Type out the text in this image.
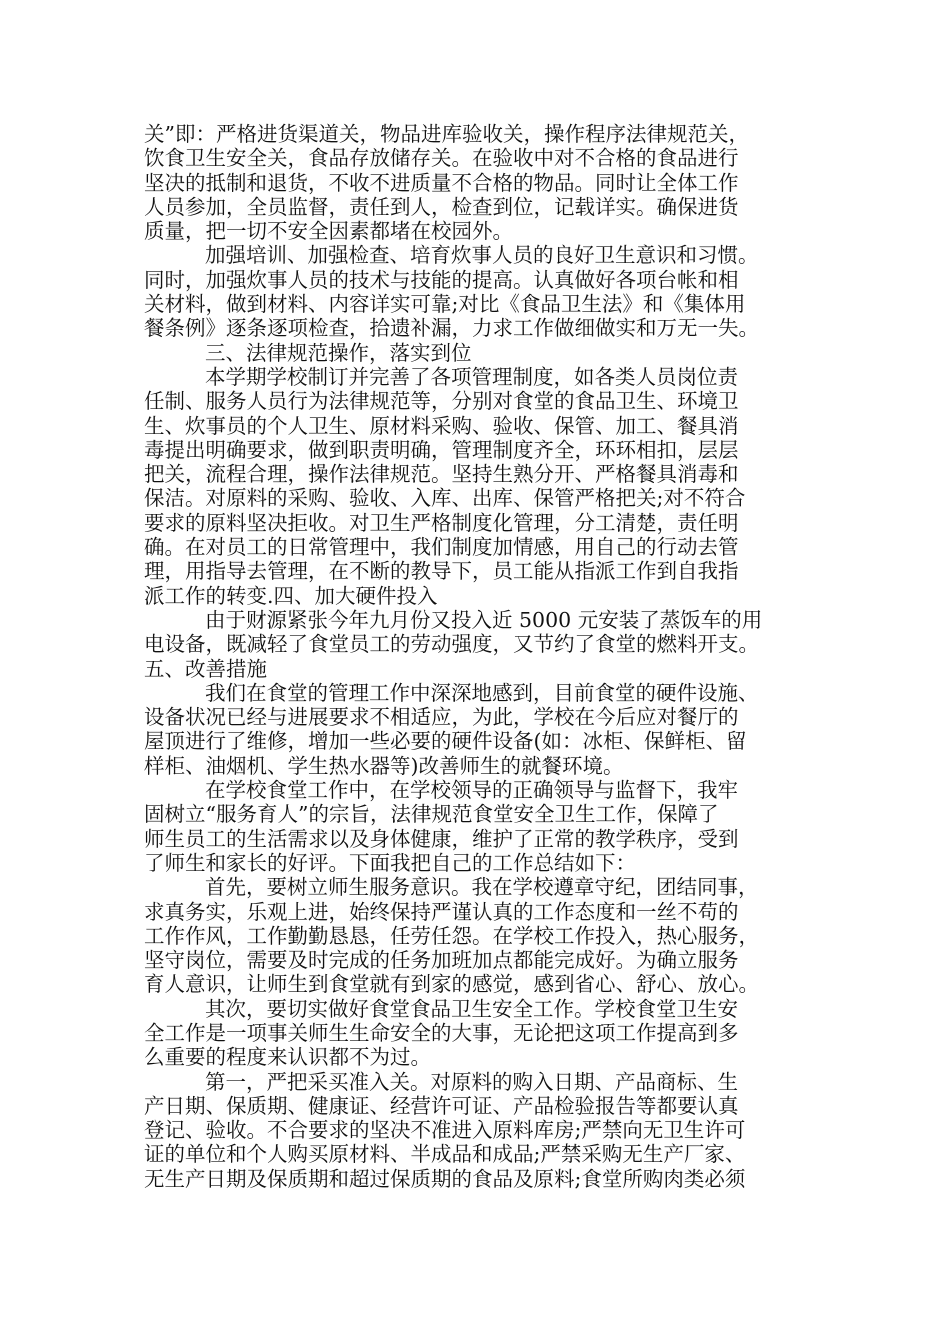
关”即：严格进货渠道关，物品进库验收关，操作程序法律规范关，
饮食卫生安全关，食品存放储存关。在验收中对不合格的食品进行
坚决的抵制和退货，不收不进质量不合格的物品。同时让全体工作
人员参加，全员监督，责任到人，检查到位，记载详实。确保进货
质量，把一切不安全因素都堵在校园外。
加强培训、加强检查、培育炊事人员的良好卫生意识和习惯。
同时，加强炊事人员的技术与技能的提高。认真做好各项台帐和相
关材料，做到材料、内容详实可靠;对比《食品卫生法》和《集体用
餐条例》逐条逐项检查，拾遗补漏，力求工作做细做实和万无一失。
三、法律规范操作，落实到位
本学期学校制订并完善了各项管理制度，如各类人员岗位责
任制、服务人员行为法律规范等，分别对食堂的食品卫生、环境卫
生、炊事员的个人卫生、原材料采购、验收、保管、加工、餐具消
毒提出明确要求，做到职责明确，管理制度齐全，环环相扣，层层
把关，流程合理，操作法律规范。坚持生熟分开、严格餐具消毒和
保洁。对原料的采购、验收、入库、出库、保管严格把关;对不符合
要求的原料坚决拒收。对卫生严格制度化管理，分工清楚，责任明
确。在对员工的日常管理中，我们制度加情感，用自己的行动去管
理，用指导去管理，在不断的教导下，员工能从指派工作到自我指
派工作的转变.四、加大硬件投入
由于财源紧张今年九月份又投入近 5000 元安装了蒸饭车的用
电设备，既减轻了食堂员工的劳动强度，又节约了食堂的燃料开支。
五、改善措施
我们在食堂的管理工作中深深地感到，目前食堂的硬件设施、
设备状况已经与进展要求不相适应，为此，学校在今后应对餐厅的
屋顶进行了维修，增加一些必要的硬件设备(如：冰柜、保鲜柜、留
样柜、油烟机、学生热水器等)改善师生的就餐环境。
在学校食堂工作中，在学校领导的正确领导与监督下，我牢
固树立“服务育人”的宗旨，法律规范食堂安全卫生工作，保障了
师生员工的生活需求以及身体健康，维护了正常的教学秩序，受到
了师生和家长的好评。下面我把自己的工作总结如下：
首先，要树立师生服务意识。我在学校遵章守纪，团结同事，
求真务实，乐观上进，始终保持严谨认真的工作态度和一丝不苟的
工作作风，工作勤勤恳恳，任劳任怨。在学校工作投入，热心服务，
坚守岗位，需要及时完成的任务加班加点都能完成好。为确立服务
育人意识，让师生到食堂就有到家的感觉，感到省心、舒心、放心。
其次，要切实做好食堂食品卫生安全工作。学校食堂卫生安
全工作是一项事关师生生命安全的大事，无论把这项工作提高到多
么重要的程度来认识都不为过。
第一，严把采买准入关。对原料的购入日期、产品商标、生
产日期、保质期、健康证、经营许可证、产品检验报告等都要认真
登记、验收。不合要求的坚决不准进入原料库房;严禁向无卫生许可
证的单位和个人购买原材料、半成品和成品;严禁采购无生产厂家、
无生产日期及保质期和超过保质期的食品及原料;食堂所购肉类必须
